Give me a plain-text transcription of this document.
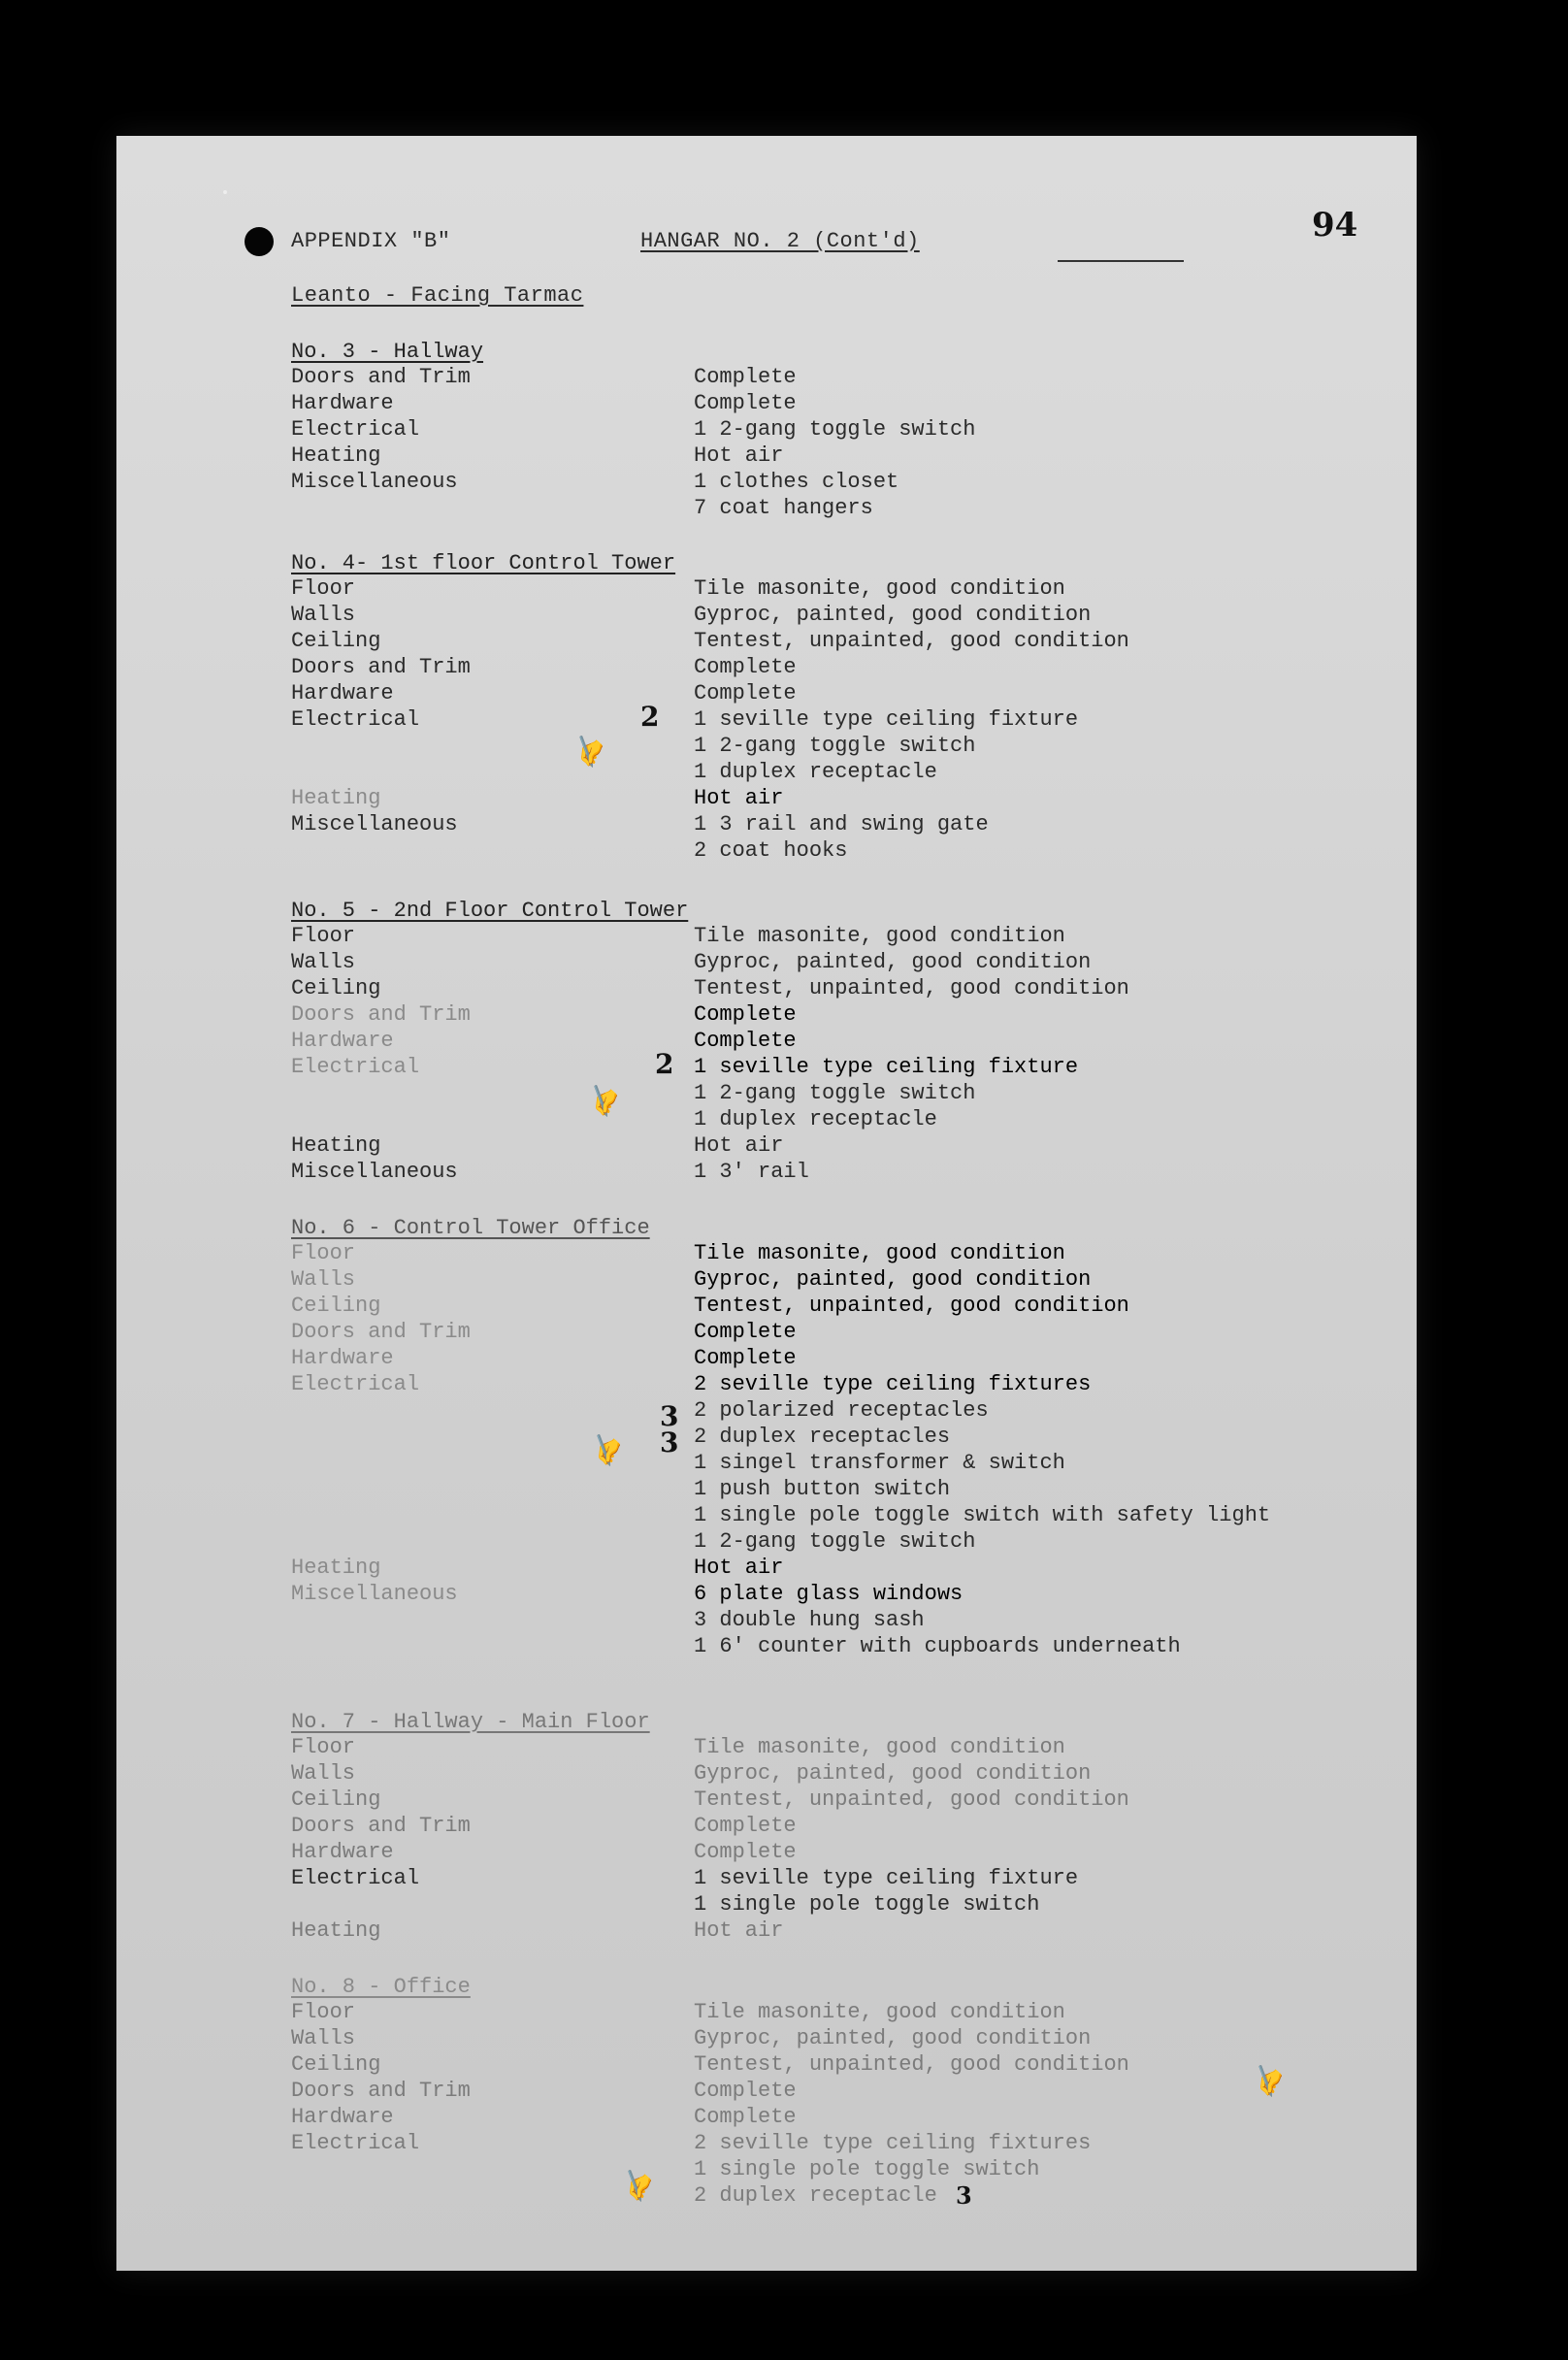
APPENDIX "B"	HANGAR NO. 2 (Cont'd)	94
Leanto - Facing Tarmac
No. 3 - Hallway
Doors and Trim	Complete
Hardware	Complete
Electrical	1 2-gang toggle switch
Heating	Hot air
Miscellaneous	1 clothes closet
7 coat hangers
No. 4- 1st floor Control Tower
Floor	Tile masonite, good condition
Walls	Gyproc, painted, good condition
Ceiling	Tentest, unpainted, good condition
Doors and Trim	Complete
Hardware	Complete
Electrical	1 seville type ceiling fixture
1 2-gang toggle switch
1 duplex receptacle
Heating	Hot air
Miscellaneous	1 3 rail and swing gate
2 coat hooks
2
✍
No. 5 - 2nd Floor Control Tower
Floor	Tile masonite, good condition
Walls	Gyproc, painted, good condition
Ceiling	Tentest, unpainted, good condition
Doors and Trim	Complete
Hardware	Complete
Electrical	1 seville type ceiling fixture
1 2-gang toggle switch
1 duplex receptacle
Heating	Hot air
Miscellaneous	1 3' rail
2
✍
No. 6 - Control Tower Office
Floor	Tile masonite, good condition
Walls	Gyproc, painted, good condition
Ceiling	Tentest, unpainted, good condition
Doors and Trim	Complete
Hardware	Complete
Electrical	2 seville type ceiling fixtures
2 polarized receptacles
2 duplex receptacles
1 singel transformer & switch
1 push button switch
1 single pole toggle switch with safety light
1 2-gang toggle switch
Heating	Hot air
Miscellaneous	6 plate glass windows
3 double hung sash
1 6' counter with cupboards underneath
3
3
✍
No. 7 - Hallway - Main Floor
Floor	Tile masonite, good condition
Walls	Gyproc, painted, good condition
Ceiling	Tentest, unpainted, good condition
Doors and Trim	Complete
Hardware	Complete
Electrical	1 seville type ceiling fixture
1 single pole toggle switch
Heating	Hot air
No. 8 - Office
Floor	Tile masonite, good condition
Walls	Gyproc, painted, good condition
Ceiling	Tentest, unpainted, good condition
Doors and Trim	Complete
Hardware	Complete
Electrical	2 seville type ceiling fixtures
1 single pole toggle switch
2 duplex receptacle 3
✍
✍
